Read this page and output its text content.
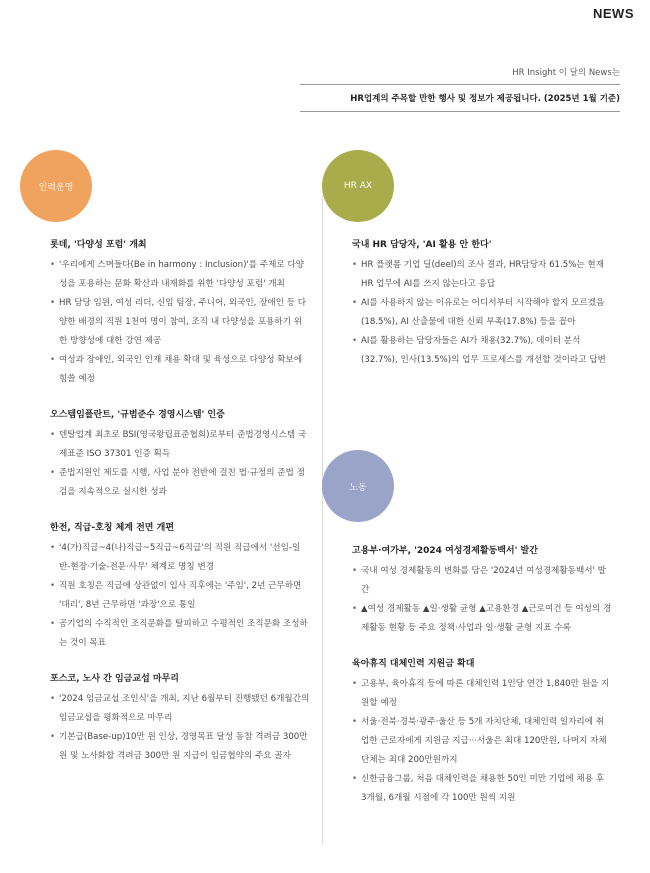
NEWS
HR Insight 이 달의 News는
HR업계의 주목할 만한 행사 및 정보가 제공됩니다. (2025년 1월 기준)
인력운영	HR AX
노동
롯데, '다양성 포럼' 개최
• '우리에게 스며들다(Be in harmony : Inclusion)'를 주제로 다양성을 포용하는 문화 확산과 내재화를 위한 '다양성 포럼' 개최
• HR 담당 임원, 여성 리더, 신임 팀장, 주니어, 외국인, 장애인 등 다양한 배경의 직원 1천여 명이 참여, 조직 내 다양성을 포용하기 위한 방향성에 대한 강연 제공
• 여성과 장애인, 외국인 인재 채용 확대 및 육성으로 다양성 확보에 힘쓸 예정
오스템임플란트, '규범준수 경영시스템' 인증
• 덴탈업계 최초로 BSI(영국왕립표준협회)로부터 준법경영시스템 국제표준 ISO 37301 인증 획득
• 준법지원인 제도를 시행, 사업 분야 전반에 걸친 법·규정의 준법 점검을 지속적으로 실시한 성과
한전, 직급-호칭 체계 전면 개편
• '4(가)직급~4(나)직급~5직급~6직급'의 직원 직급에서 '선임-일반-현장·기술-전문·사무' 체계로 명칭 변경
• 직원 호칭은 직급에 상관없이 입사 직후에는 '주임', 2년 근무하면 '대리', 8년 근무하면 '과장'으로 통일
• 공기업의 수직적인 조직문화를 탈피하고 수평적인 조직문화 조성하는 것이 목표
포스코, 노사 간 임금교섭 마무리
• '2024 임금교섭 조인식'을 개최, 지난 6월부터 진행됐던 6개월간의 임금교섭을 평화적으로 마무리
• 기본급(Base-up)10만 원 인상, 경영목표 달성 동참 격려금 300만 원 및 노사화합 격려금 300만 원 지급이 임금협약의 주요 골자
국내 HR 담당자, 'AI 활용 안 한다'
• HR 플랫폼 기업 딜(deel)의 조사 결과, HR담당자 61.5%는 현재 HR 업무에 AI를 쓰지 않는다고 응답
• AI를 사용하지 않는 이유로는 어디서부터 시작해야 할지 모르겠음(18.5%), AI 산출물에 대한 신뢰 부족(17.8%) 등을 꼽아
• AI를 활용하는 담당자들은 AI가 채용(32.7%), 데이터 분석(32.7%), 인사(13.5%)의 업무 프로세스를 개선할 것이라고 답변
고용부·여가부, '2024 여성경제활동백서' 발간
• 국내 여성 경제활동의 변화를 담은 '2024년 여성경제활동백서' 발간
• ▲여성 경제활동 ▲일·생활 균형 ▲고용환경 ▲근로여건 등 여성의 경제활동 현황 등 주요 정책·사업과 일·생활 균형 지표 수록
육아휴직 대체인력 지원금 확대
• 고용부, 육아휴직 등에 따른 대체인력 1인당 연간 1,840만 원을 지원할 예정
• 서울·전북·경북·광주·울산 등 5개 자치단체, 대체인력 일자리에 취업한 근로자에게 지원금 지급···서울은 최대 120만원, 나머지 자체단체는 최대 200만원까지
• 신한금융그룹, 처음 대체인력을 채용한 50인 미만 기업에 채용 후 3개월, 6개월 시점에 각 100만 원씩 지원
